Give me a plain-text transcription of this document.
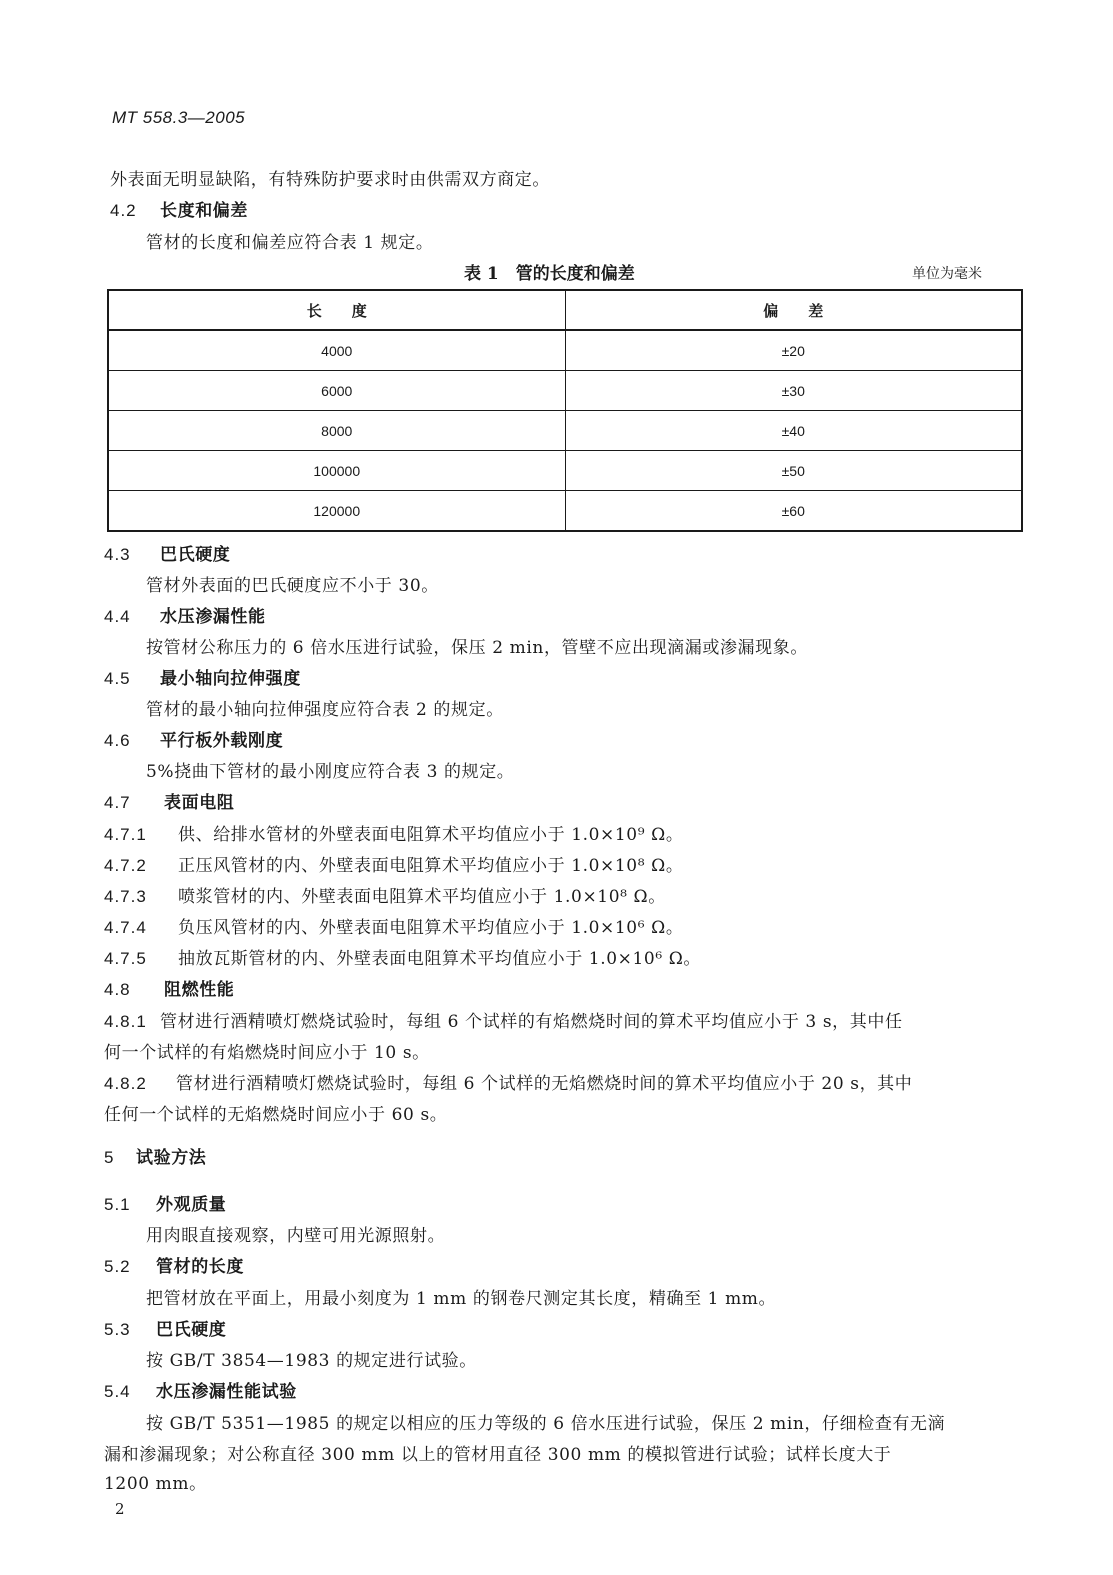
MT 558.3—2005
外表面无明显缺陷，有特殊防护要求时由供需双方商定。
4.2 长度和偏差
管材的长度和偏差应符合表 1 规定。
表 1　管的长度和偏差	单位为毫米
长　　度	偏　　差
4000	±20
6000	±30
8000	±40
100000	±50
120000	±60
4.3 巴氏硬度
管材外表面的巴氏硬度应不小于 30。
4.4 水压渗漏性能
按管材公称压力的 6 倍水压进行试验，保压 2 min，管壁不应出现滴漏或渗漏现象。
4.5 最小轴向拉伸强度
管材的最小轴向拉伸强度应符合表 2 的规定。
4.6 平行板外载刚度
5%挠曲下管材的最小刚度应符合表 3 的规定。
4.7 表面电阻
4.7.1 供、给排水管材的外壁表面电阻算术平均值应小于 1.0×10⁹ Ω。
4.7.2 正压风管材的内、外壁表面电阻算术平均值应小于 1.0×10⁸ Ω。
4.7.3 喷浆管材的内、外壁表面电阻算术平均值应小于 1.0×10⁸ Ω。
4.7.4 负压风管材的内、外壁表面电阻算术平均值应小于 1.0×10⁶ Ω。
4.7.5 抽放瓦斯管材的内、外壁表面电阻算术平均值应小于 1.0×10⁶ Ω。
4.8 阻燃性能
4.8.1 管材进行酒精喷灯燃烧试验时，每组 6 个试样的有焰燃烧时间的算术平均值应小于 3 s，其中任
何一个试样的有焰燃烧时间应小于 10 s。
4.8.2 管材进行酒精喷灯燃烧试验时，每组 6 个试样的无焰燃烧时间的算术平均值应小于 20 s，其中
任何一个试样的无焰燃烧时间应小于 60 s。
5 试验方法
5.1 外观质量
用肉眼直接观察，内壁可用光源照射。
5.2 管材的长度
把管材放在平面上，用最小刻度为 1 mm 的钢卷尺测定其长度，精确至 1 mm。
5.3 巴氏硬度
按 GB/T 3854—1983 的规定进行试验。
5.4 水压渗漏性能试验
按 GB/T 5351—1985 的规定以相应的压力等级的 6 倍水压进行试验，保压 2 min，仔细检查有无滴
漏和渗漏现象；对公称直径 300 mm 以上的管材用直径 300 mm 的模拟管进行试验；试样长度大于
1200 mm。
2
